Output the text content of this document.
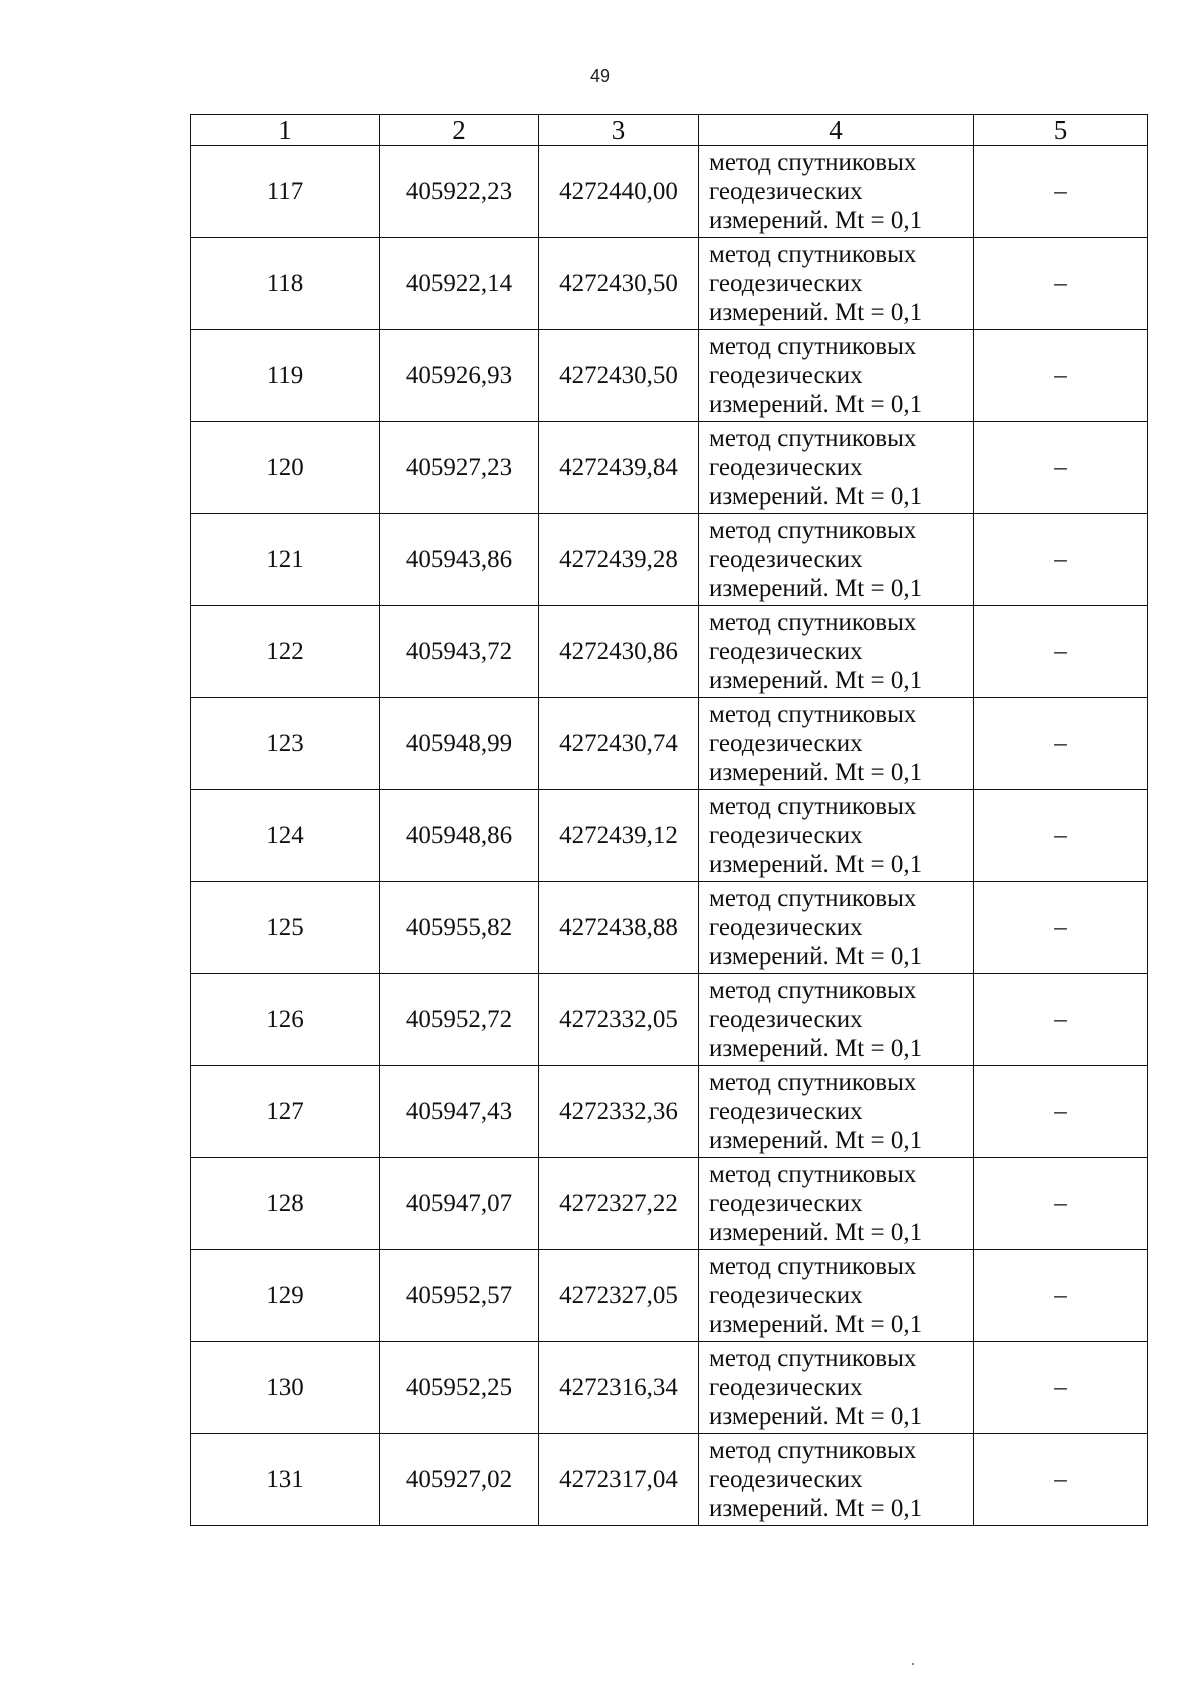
49
1	2	3	4	5
117	405922,23	4272440,00	метод спутниковых
геодезических
измерений. Mt = 0,1	–
118	405922,14	4272430,50	метод спутниковых
геодезических
измерений. Mt = 0,1	–
119	405926,93	4272430,50	метод спутниковых
геодезических
измерений. Mt = 0,1	–
120	405927,23	4272439,84	метод спутниковых
геодезических
измерений. Mt = 0,1	–
121	405943,86	4272439,28	метод спутниковых
геодезических
измерений. Mt = 0,1	–
122	405943,72	4272430,86	метод спутниковых
геодезических
измерений. Mt = 0,1	–
123	405948,99	4272430,74	метод спутниковых
геодезических
измерений. Mt = 0,1	–
124	405948,86	4272439,12	метод спутниковых
геодезических
измерений. Mt = 0,1	–
125	405955,82	4272438,88	метод спутниковых
геодезических
измерений. Mt = 0,1	–
126	405952,72	4272332,05	метод спутниковых
геодезических
измерений. Mt = 0,1	–
127	405947,43	4272332,36	метод спутниковых
геодезических
измерений. Mt = 0,1	–
128	405947,07	4272327,22	метод спутниковых
геодезических
измерений. Mt = 0,1	–
129	405952,57	4272327,05	метод спутниковых
геодезических
измерений. Mt = 0,1	–
130	405952,25	4272316,34	метод спутниковых
геодезических
измерений. Mt = 0,1	–
131	405927,02	4272317,04	метод спутниковых
геодезических
измерений. Mt = 0,1	–
